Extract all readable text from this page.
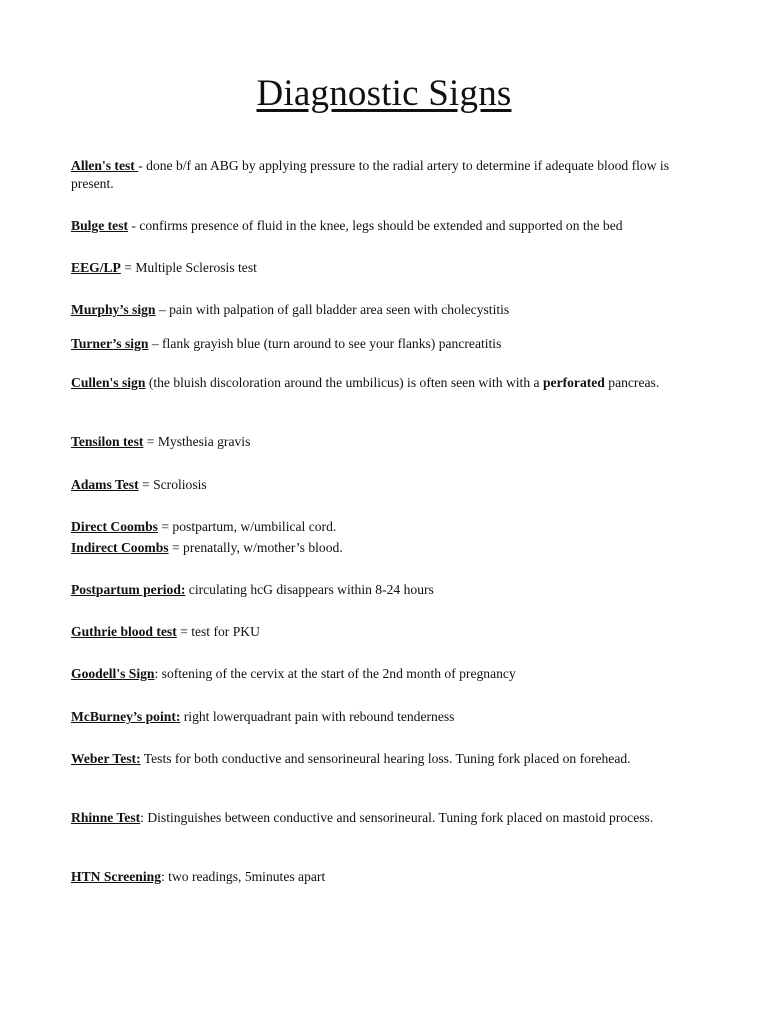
Diagnostic Signs
Allen's test - done b/f an ABG by applying pressure to the radial artery to determine if adequate blood flow is present.
Bulge test - confirms presence of fluid in the knee, legs should be extended and supported on the bed
EEG/LP = Multiple Sclerosis test
Murphy’s sign – pain with palpation of gall bladder area seen with cholecystitis
Turner’s sign – flank grayish blue (turn around to see your flanks) pancreatitis
Cullen's sign (the bluish discoloration around the umbilicus) is often seen with with a perforated pancreas.
Tensilon test = Mysthesia gravis
Adams Test = Scroliosis
Direct Coombs = postpartum, w/umbilical cord.
Indirect Coombs = prenatally, w/mother’s blood.
Postpartum period: circulating hcG disappears within 8-24 hours
Guthrie blood test = test for PKU
Goodell's Sign: softening of the cervix at the start of the 2nd month of pregnancy
McBurney’s point: right lowerquadrant pain with rebound tenderness
Weber Test: Tests for both conductive and sensorineural hearing loss. Tuning fork placed on forehead.
Rhinne Test: Distinguishes between conductive and sensorineural. Tuning fork placed on mastoid process.
HTN Screening: two readings, 5minutes apart
